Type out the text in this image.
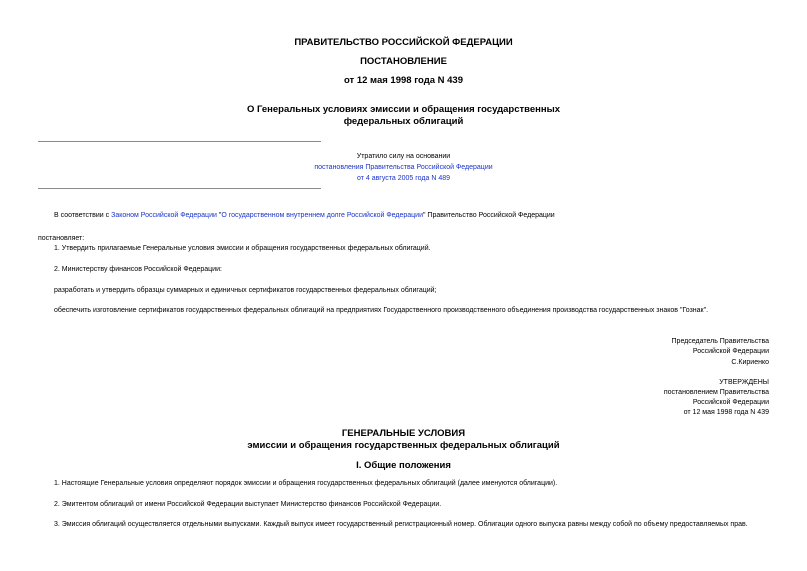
ПРАВИТЕЛЬСТВО РОССИЙСКОЙ ФЕДЕРАЦИИ
ПОСТАНОВЛЕНИЕ
от 12 мая 1998 года N 439
О Генеральных условиях эмиссии и обращения государственных
федеральных облигаций
Утратило силу на основании
постановления Правительства Российской Федерации
от 4 августа 2005 года N 489
В соответствии с Законом Российской Федерации "О государственном внутреннем долге Российской Федерации" Правительство Российской Федерации
постановляет:
1. Утвердить прилагаемые Генеральные условия эмиссии и обращения государственных федеральных облигаций.
2. Министерству финансов Российской Федерации:
разработать и утвердить образцы суммарных и единичных сертификатов государственных федеральных облигаций;
обеспечить изготовление сертификатов государственных федеральных облигаций на предприятиях Государственного производственного объединения производства государственных знаков "Гознак".
Председатель Правительства
Российской Федерации
С.Кириенко
УТВЕРЖДЕНЫ
постановлением Правительства
Российской Федерации
от 12 мая 1998 года N 439
ГЕНЕРАЛЬНЫЕ УСЛОВИЯ
эмиссии и обращения государственных федеральных облигаций
I. Общие положения
1. Настоящие Генеральные условия определяют порядок эмиссии и обращения государственных федеральных облигаций (далее именуются облигации).
2. Эмитентом облигаций от имени Российской Федерации выступает Министерство финансов Российской Федерации.
3. Эмиссия облигаций осуществляется отдельными выпусками. Каждый выпуск имеет государственный регистрационный номер. Облигации одного выпуска равны между собой по объему предоставляемых прав.
